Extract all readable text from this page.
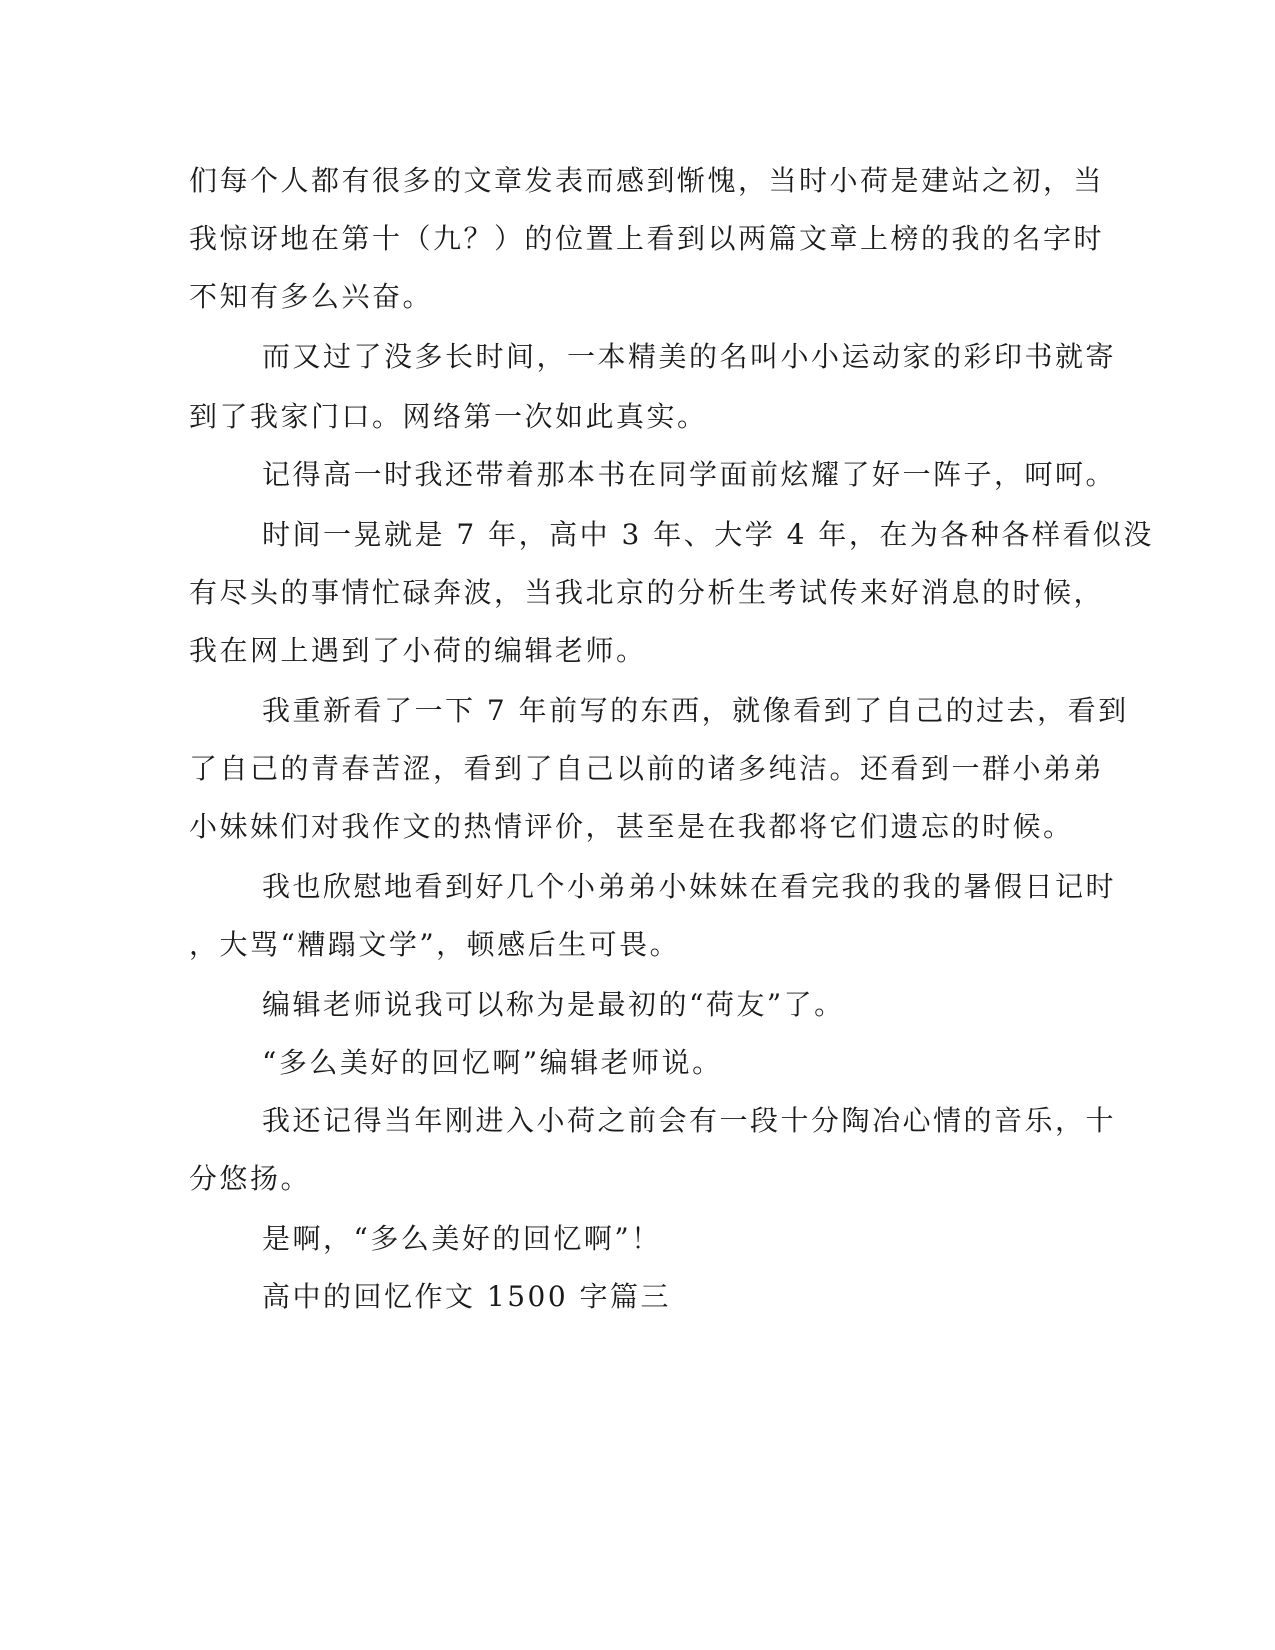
们每个人都有很多的文章发表而感到惭愧，当时小荷是建站之初，当
我惊讶地在第十（九？）的位置上看到以两篇文章上榜的我的名字时
不知有多么兴奋。
而又过了没多长时间，一本精美的名叫小小运动家的彩印书就寄
到了我家门口。网络第一次如此真实。
记得高一时我还带着那本书在同学面前炫耀了好一阵子，呵呵。
时间一晃就是 7 年，高中 3 年、大学 4 年，在为各种各样看似没
有尽头的事情忙碌奔波，当我北京的分析生考试传来好消息的时候，
我在网上遇到了小荷的编辑老师。
我重新看了一下 7 年前写的东西，就像看到了自己的过去，看到
了自己的青春苦涩，看到了自己以前的诸多纯洁。还看到一群小弟弟
小妹妹们对我作文的热情评价，甚至是在我都将它们遗忘的时候。
我也欣慰地看到好几个小弟弟小妹妹在看完我的我的暑假日记时
，大骂“糟蹋文学”，顿感后生可畏。
编辑老师说我可以称为是最初的“荷友”了。
“多么美好的回忆啊”编辑老师说。
我还记得当年刚进入小荷之前会有一段十分陶冶心情的音乐，十
分悠扬。
是啊，“多么美好的回忆啊”！
高中的回忆作文 1500 字篇三
